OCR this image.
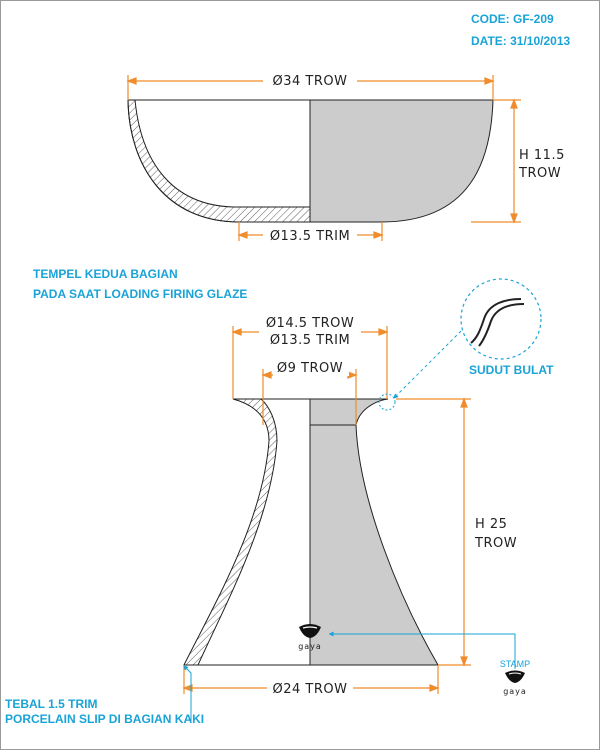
CODE: GF-209
DATE: 31/10/2013
Ø34 TROW
H 11.5
TROW
Ø13.5 TRIM
TEMPEL KEDUA BAGIAN
PADA SAAT LOADING FIRING GLAZE
Ø14.5 TROW
Ø13.5 TRIM
Ø9 TROW
H 25
TROW
Ø24 TROW
SUDUT BULAT
gaya
STAMP
gaya
TEBAL 1.5 TRIM
PORCELAIN SLIP DI BAGIAN KAKI
